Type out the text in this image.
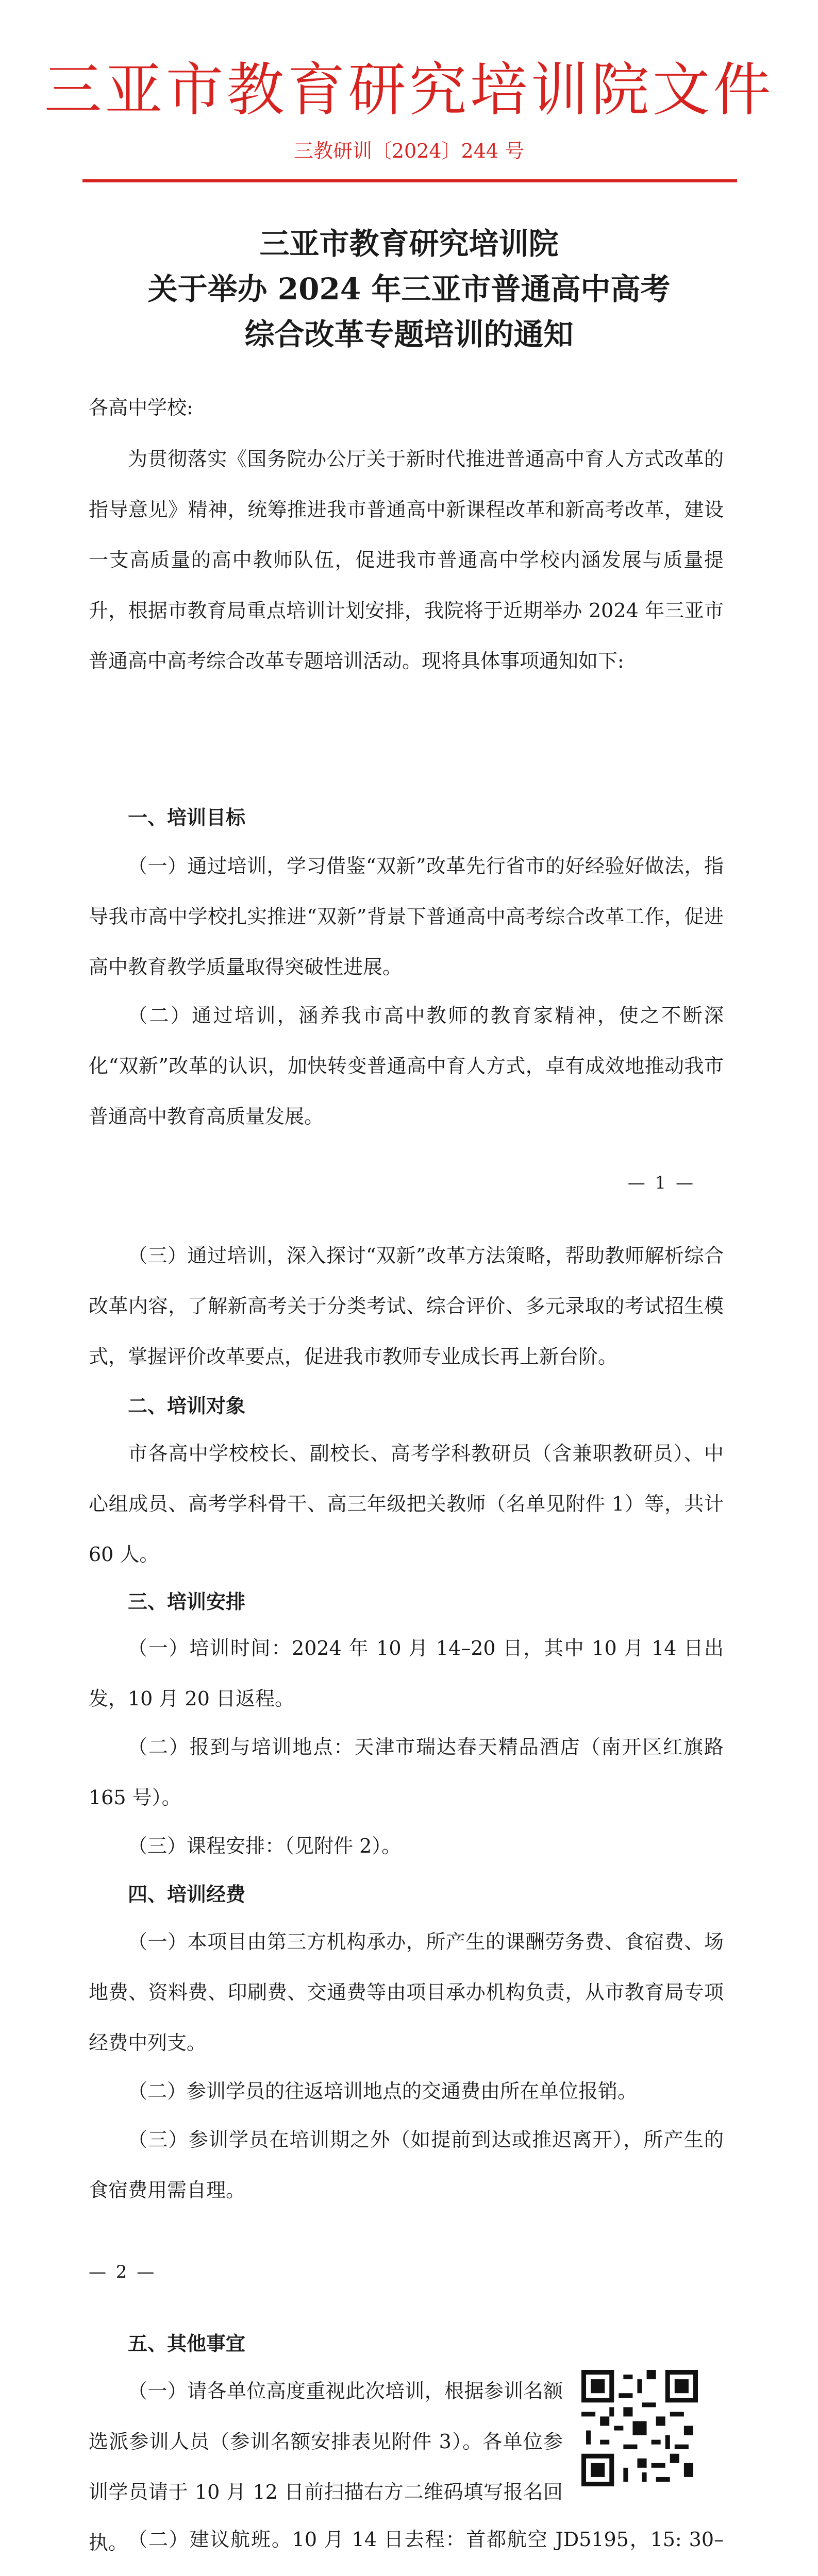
三亚市教育研究培训院文件
三教研训〔2024〕244 号
三亚市教育研究培训院
关于举办 2024 年三亚市普通高中高考
综合改革专题培训的通知
各高中学校:
为贯彻落实《国务院办公厅关于新时代推进普通高中育人方式改革的指导意见》精神，统筹推进我市普通高中新课程改革和新高考改革，建设一支高质量的高中教师队伍，促进我市普通高中学校内涵发展与质量提升，根据市教育局重点培训计划安排，我院将于近期举办 2024 年三亚市普通高中高考综合改革专题培训活动。现将具体事项通知如下:
一、培训目标
（一）通过培训，学习借鉴“双新”改革先行省市的好经验好做法，指导我市高中学校扎实推进“双新”背景下普通高中高考综合改革工作，促进高中教育教学质量取得突破性进展。
（二）通过培训，涵养我市高中教师的教育家精神，使之不断深化“双新”改革的认识，加快转变普通高中育人方式，卓有成效地推动我市普通高中教育高质量发展。
— 1 —
（三）通过培训，深入探讨“双新”改革方法策略，帮助教师解析综合改革内容，了解新高考关于分类考试、综合评价、多元录取的考试招生模式，掌握评价改革要点，促进我市教师专业成长再上新台阶。
二、培训对象
市各高中学校校长、副校长、高考学科教研员（含兼职教研员）、中心组成员、高考学科骨干、高三年级把关教师（名单见附件 1）等，共计 60 人。
三、培训安排
（一）培训时间：2024 年 10 月 14–20 日，其中 10 月 14 日出发，10 月 20 日返程。
（二）报到与培训地点：天津市瑞达春天精品酒店（南开区红旗路 165 号）。
（三）课程安排：（见附件 2）。
四、培训经费
（一）本项目由第三方机构承办，所产生的课酬劳务费、食宿费、场地费、资料费、印刷费、交通费等由项目承办机构负责，从市教育局专项经费中列支。
（二）参训学员的往返培训地点的交通费由所在单位报销。
（三）参训学员在培训期之外（如提前到达或推迟离开），所产生的食宿费用需自理。
— 2 —
五、其他事宜
（一）请各单位高度重视此次培训，根据参训名额选派参训人员（参训名额安排表见附件 3）。各单位参训学员请于 10 月 12 日前扫描右方二维码填写报名回执。 （二）建议航班。10 月 14 日去程：首都航空 JD5195，15: 30–
